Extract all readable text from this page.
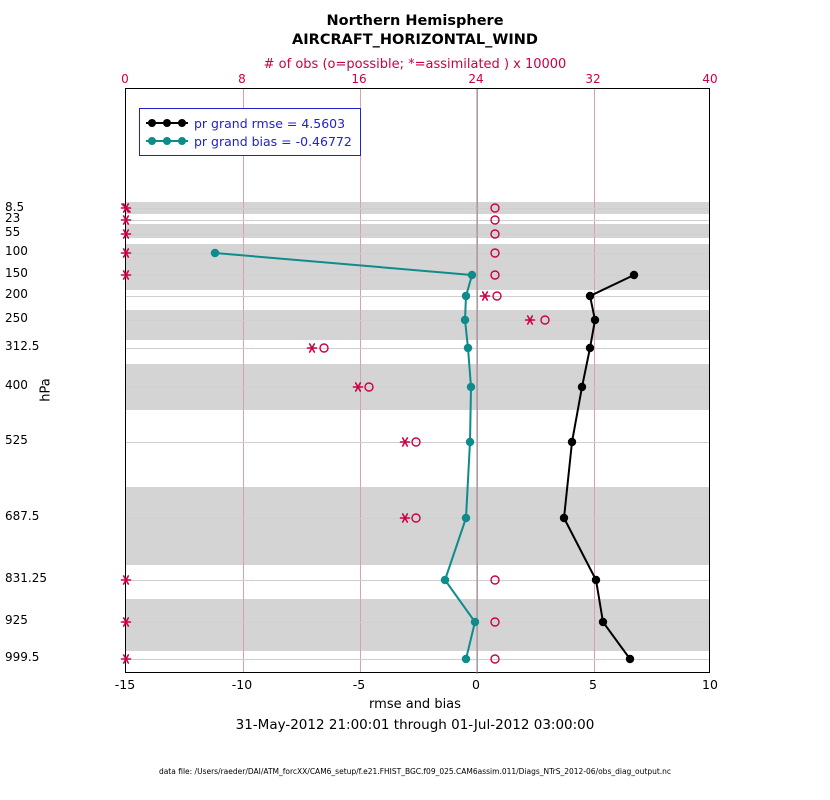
Northern Hemisphere
AIRCRAFT_HORIZONTAL_WIND
# of obs (o=possible; *=assimilated ) x 10000
0	8	16	24	32	40
-15	-10	-5	0	5	10
8.5
23
55
100
150
200
250
312.5
400
525
687.5
831.25
925
999.5
hPa
pr grand rmse = 4.5603
pr grand bias = -0.46772
rmse and bias
31-May-2012 21:00:01 through 01-Jul-2012 03:00:00
data file: /Users/raeder/DAI/ATM_forcXX/CAM6_setup/f.e21.FHIST_BGC.f09_025.CAM6assim.011/Diags_NTrS_2012-06/obs_diag_output.nc
